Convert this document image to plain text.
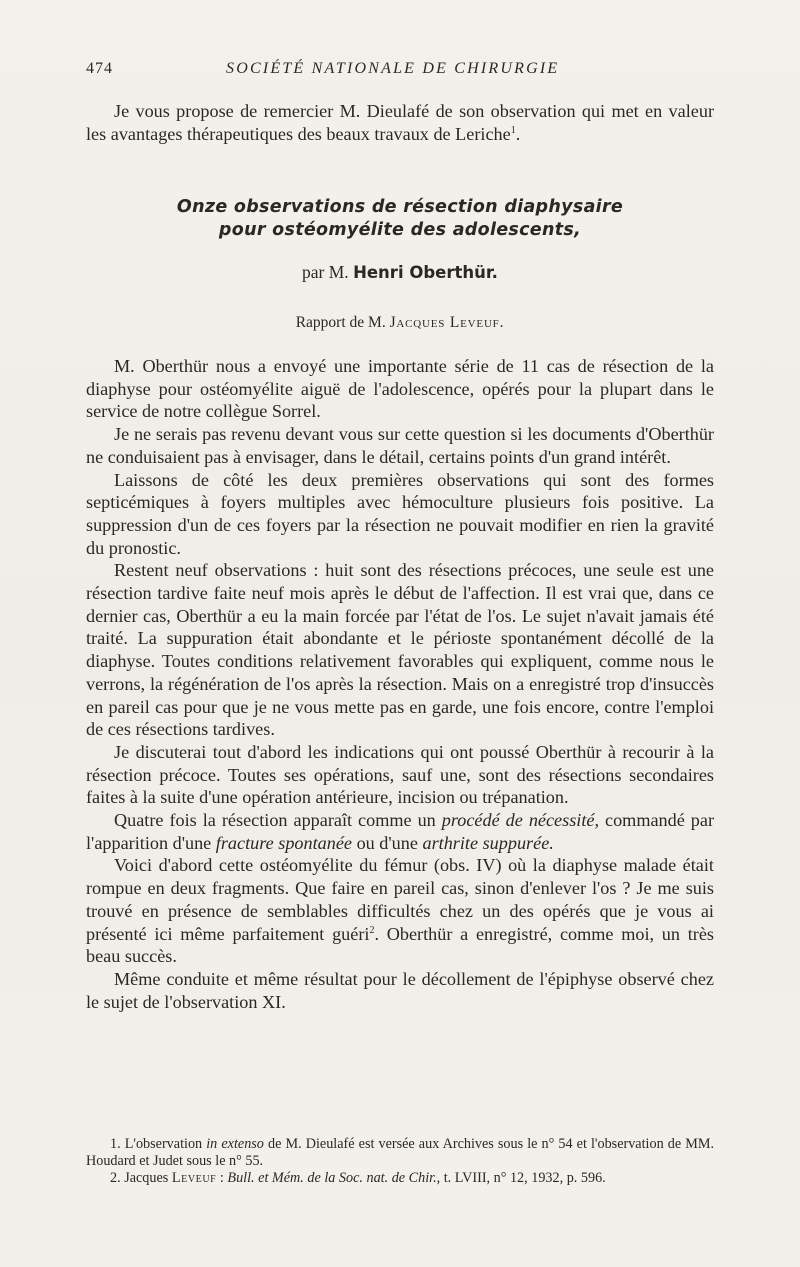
474	SOCIÉTÉ NATIONALE DE CHIRURGIE

Je vous propose de remercier M. Dieulafé de son observation qui met en valeur les avantages thérapeutiques des beaux travaux de Leriche$^1$.

Onze observations de résection diaphysaire
pour ostéomyélite des adolescents,
par M. Henri Oberthür.
Rapport de M. Jacques Leveuf.

M. Oberthür nous a envoyé une importante série de 11 cas de résection de la diaphyse pour ostéomyélite aiguë de l'adolescence, opérés pour la plupart dans le service de notre collègue Sorrel.

Je ne serais pas revenu devant vous sur cette question si les documents d'Oberthür ne conduisaient pas à envisager, dans le détail, certains points d'un grand intérêt.

Laissons de côté les deux premières observations qui sont des formes septicémiques à foyers multiples avec hémoculture plusieurs fois positive. La suppression d'un de ces foyers par la résection ne pouvait modifier en rien la gravité du pronostic.

Restent neuf observations : huit sont des résections précoces, une seule est une résection tardive faite neuf mois après le début de l'affection. Il est vrai que, dans ce dernier cas, Oberthür a eu la main forcée par l'état de l'os. Le sujet n'avait jamais été traité. La suppuration était abondante et le périoste spontanément décollé de la diaphyse. Toutes conditions relativement favorables qui expliquent, comme nous le verrons, la régénération de l'os après la résection. Mais on a enregistré trop d'insuccès en pareil cas pour que je ne vous mette pas en garde, une fois encore, contre l'emploi de ces résections tardives.

Je discuterai tout d'abord les indications qui ont poussé Oberthür à recourir à la résection précoce. Toutes ses opérations, sauf une, sont des résections secondaires faites à la suite d'une opération antérieure, incision ou trépanation.

Quatre fois la résection apparaît comme un procédé de nécessité, commandé par l'apparition d'une fracture spontanée ou d'une arthrite suppurée.

Voici d'abord cette ostéomyélite du fémur (obs. IV) où la diaphyse malade était rompue en deux fragments. Que faire en pareil cas, sinon d'enlever l'os ? Je me suis trouvé en présence de semblables difficultés chez un des opérés que je vous ai présenté ici même parfaitement guéri$^2$. Oberthür a enregistré, comme moi, un très beau succès.

Même conduite et même résultat pour le décollement de l'épiphyse observé chez le sujet de l'observation XI.

1. L'observation in extenso de M. Dieulafé est versée aux Archives sous le n° 54 et l'observation de MM. Houdard et Judet sous le n° 55.

2. Jacques Leveuf : Bull. et Mém. de la Soc. nat. de Chir., t. LVIII, n° 12, 1932, p. 596.
